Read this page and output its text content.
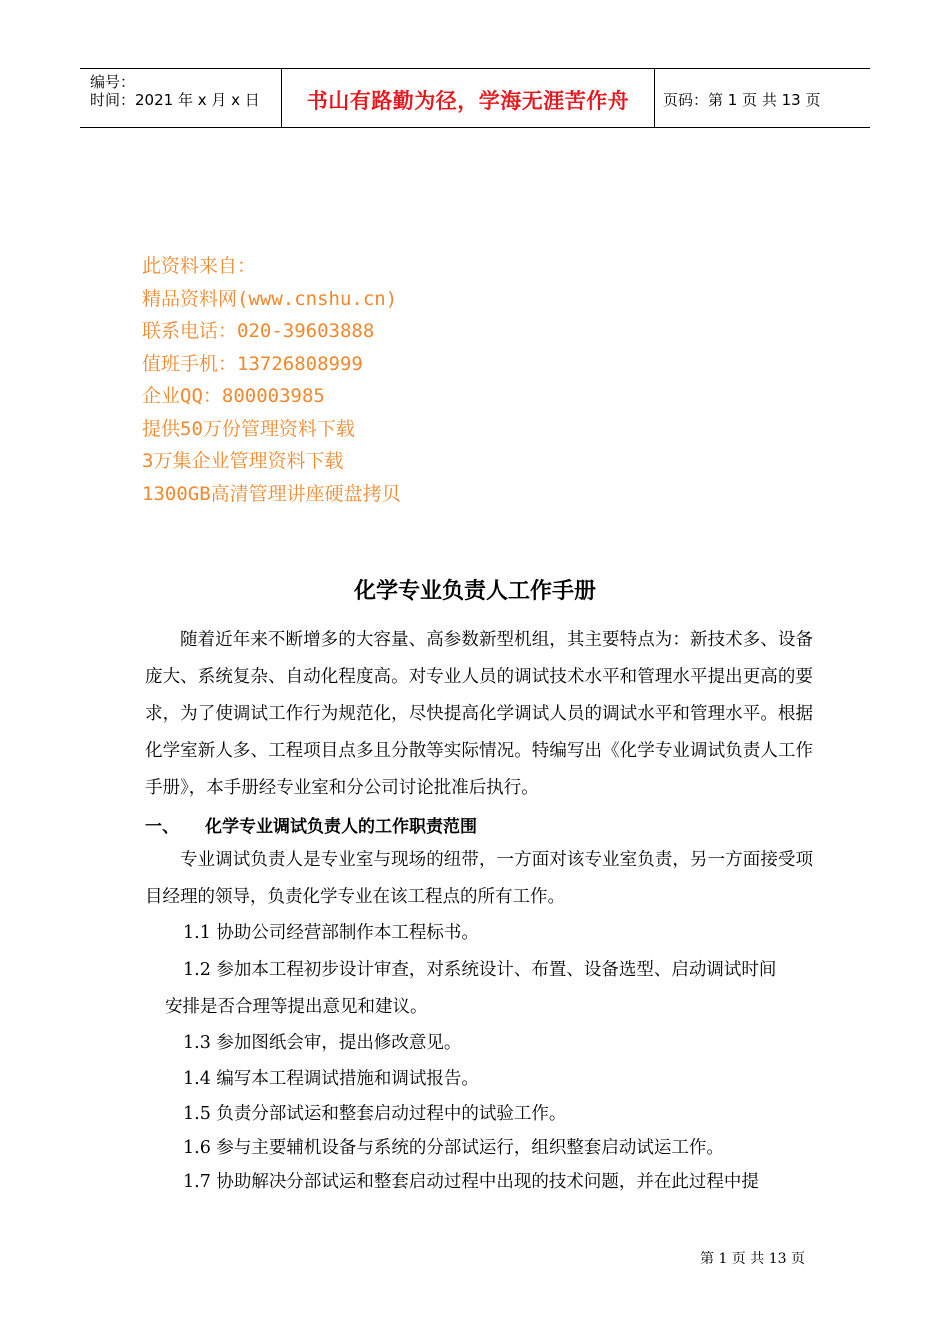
编号：
时间：2021 年 x 月 x 日	书山有路勤为径，学海无涯苦作舟	页码：第 1 页 共 13 页
此资料来自：
精品资料网(www.cnshu.cn)
联系电话：020-39603888
值班手机：13726808999
企业QQ：800003985
提供50万份管理资料下载
3万集企业管理资料下载
1300GB高清管理讲座硬盘拷贝
化学专业负责人工作手册
随着近年来不断增多的大容量、高参数新型机组，其主要特点为：新技术多、设备庞大、系统复杂、自动化程度高。对专业人员的调试技术水平和管理水平提出更高的要求，为了使调试工作行为规范化，尽快提高化学调试人员的调试水平和管理水平。根据化学室新人多、工程项目点多且分散等实际情况。特编写出《化学专业调试负责人工作手册》，本手册经专业室和分公司讨论批准后执行。
一、 化学专业调试负责人的工作职责范围
专业调试负责人是专业室与现场的纽带，一方面对该专业室负责，另一方面接受项目经理的领导，负责化学专业在该工程点的所有工作。
1.1 协助公司经营部制作本工程标书。
1.2 参加本工程初步设计审查，对系统设计、布置、设备选型、启动调试时间
安排是否合理等提出意见和建议。
1.3 参加图纸会审，提出修改意见。
1.4 编写本工程调试措施和调试报告。
1.5 负责分部试运和整套启动过程中的试验工作。
1.6 参与主要辅机设备与系统的分部试运行，组织整套启动试运工作。
1.7 协助解决分部试运和整套启动过程中出现的技术问题，并在此过程中提
第 1 页 共 13 页
